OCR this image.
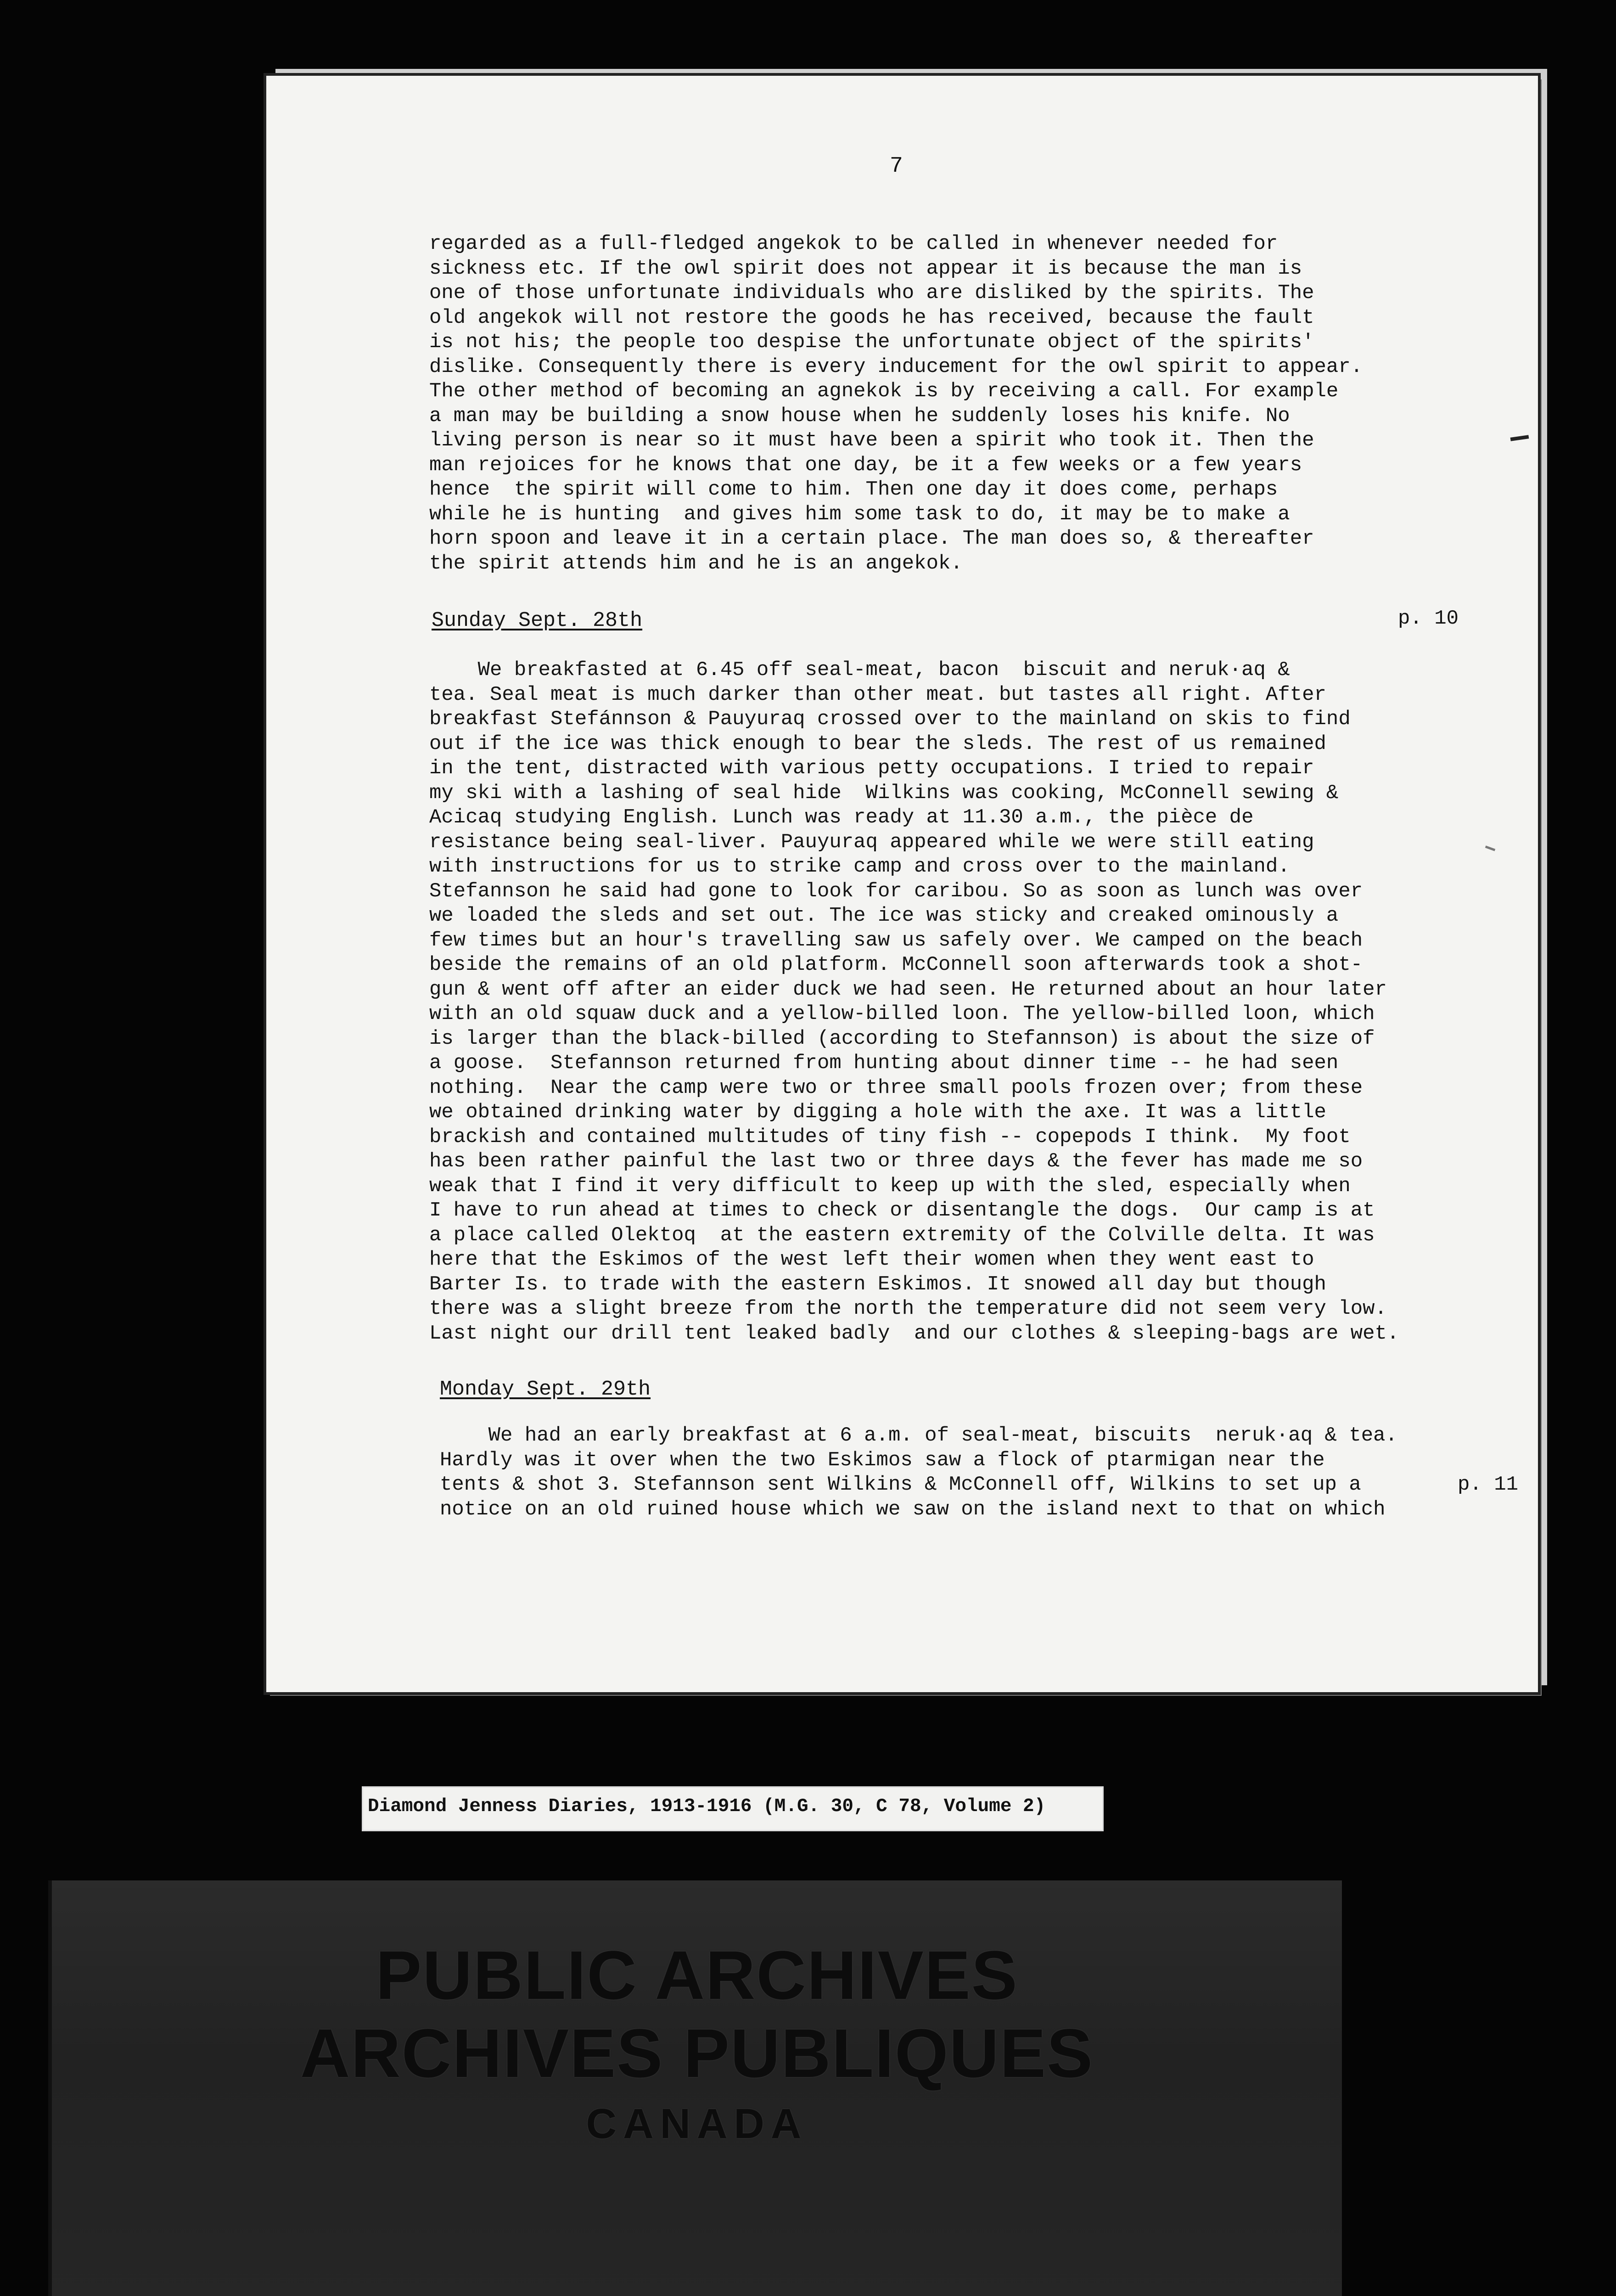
7
regarded as a full-fledged angekok to be called in whenever needed for
sickness etc. If the owl spirit does not appear it is because the man is
one of those unfortunate individuals who are disliked by the spirits. The
old angekok will not restore the goods he has received, because the fault
is not his; the people too despise the unfortunate object of the spirits'
dislike. Consequently there is every inducement for the owl spirit to appear.
The other method of becoming an agnekok is by receiving a call. For example
a man may be building a snow house when he suddenly loses his knife. No
living person is near so it must have been a spirit who took it. Then the
man rejoices for he knows that one day, be it a few weeks or a few years
hence  the spirit will come to him. Then one day it does come, perhaps
while he is hunting  and gives him some task to do, it may be to make a
horn spoon and leave it in a certain place. The man does so, & thereafter
the spirit attends him and he is an angekok.
Sunday Sept. 28th	p. 10
We breakfasted at 6.45 off seal-meat, bacon  biscuit and neruk·aq &
tea. Seal meat is much darker than other meat. but tastes all right. After
breakfast Stefánnson & Pauyuraq crossed over to the mainland on skis to find
out if the ice was thick enough to bear the sleds. The rest of us remained
in the tent, distracted with various petty occupations. I tried to repair
my ski with a lashing of seal hide  Wilkins was cooking, McConnell sewing &
Acicaq studying English. Lunch was ready at 11.30 a.m., the pièce de
resistance being seal-liver. Pauyuraq appeared while we were still eating
with instructions for us to strike camp and cross over to the mainland.
Stefannson he said had gone to look for caribou. So as soon as lunch was over
we loaded the sleds and set out. The ice was sticky and creaked ominously a
few times but an hour's travelling saw us safely over. We camped on the beach
beside the remains of an old platform. McConnell soon afterwards took a shot-
gun & went off after an eider duck we had seen. He returned about an hour later
with an old squaw duck and a yellow-billed loon. The yellow-billed loon, which
is larger than the black-billed (according to Stefannson) is about the size of
a goose.  Stefannson returned from hunting about dinner time -- he had seen
nothing.  Near the camp were two or three small pools frozen over; from these
we obtained drinking water by digging a hole with the axe. It was a little
brackish and contained multitudes of tiny fish -- copepods I think.  My foot
has been rather painful the last two or three days & the fever has made me so
weak that I find it very difficult to keep up with the sled, especially when
I have to run ahead at times to check or disentangle the dogs.  Our camp is at
a place called Olektoq  at the eastern extremity of the Colville delta. It was
here that the Eskimos of the west left their women when they went east to
Barter Is. to trade with the eastern Eskimos. It snowed all day but though
there was a slight breeze from the north the temperature did not seem very low.
Last night our drill tent leaked badly  and our clothes & sleeping-bags are wet.
Monday Sept. 29th
We had an early breakfast at 6 a.m. of seal-meat, biscuits  neruk·aq & tea.
Hardly was it over when the two Eskimos saw a flock of ptarmigan near the
tents & shot 3. Stefannson sent Wilkins & McConnell off, Wilkins to set up a
notice on an old ruined house which we saw on the island next to that on which
p. 11
Diamond Jenness Diaries, 1913-1916 (M.G. 30, C 78, Volume 2)
PUBLIC ARCHIVES
ARCHIVES PUBLIQUES
CANADA
